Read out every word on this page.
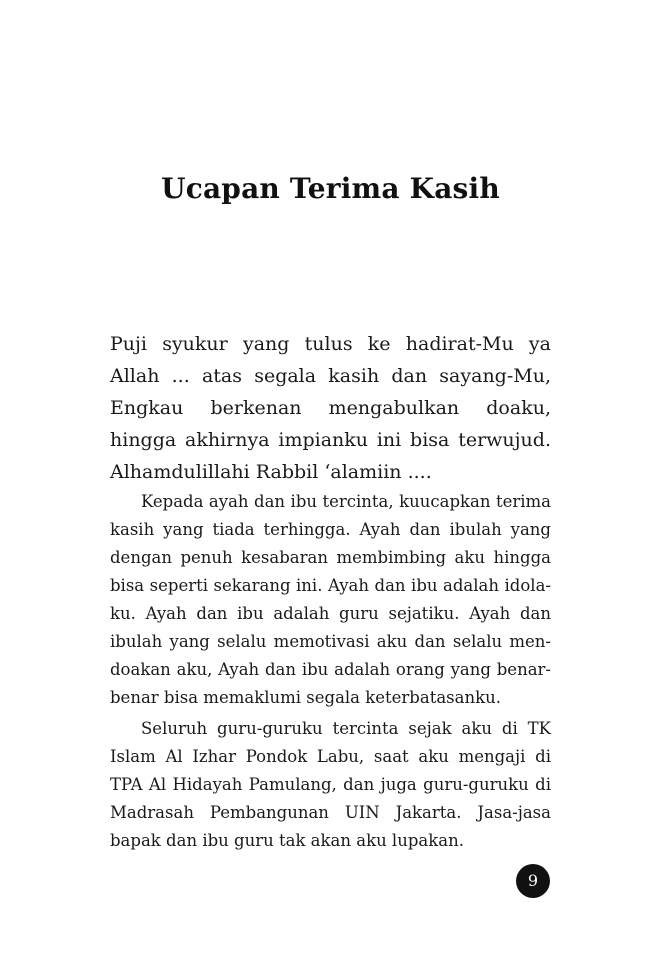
Ucapan Terima Kasih

Puji syukur yang tulus ke hadirat-Mu ya Allah ... atas segala kasih dan sayang-Mu, Engkau berkenan mengabulkan doaku, hingga akhirnya impianku ini bisa terwujud. Alhamdulillahi Rabbil ‘alamiin ....

Kepada ayah dan ibu tercinta, kuucapkan terima kasih yang tiada terhingga. Ayah dan ibulah yang dengan penuh kesabaran membimbing aku hingga bisa seperti sekarang ini. Ayah dan ibu adalah idola-ku. Ayah dan ibu adalah guru sejatiku. Ayah dan ibulah yang selalu memotivasi aku dan selalu men-doakan aku, Ayah dan ibu adalah orang yang benar-benar bisa memaklumi segala keterbatasanku.

Seluruh guru-guruku tercinta sejak aku di TK Islam Al Izhar Pondok Labu, saat aku mengaji di TPA Al Hidayah Pamulang, dan juga guru-guruku di Madrasah Pembangunan UIN Jakarta. Jasa-jasa bapak dan ibu guru tak akan aku lupakan.

9
